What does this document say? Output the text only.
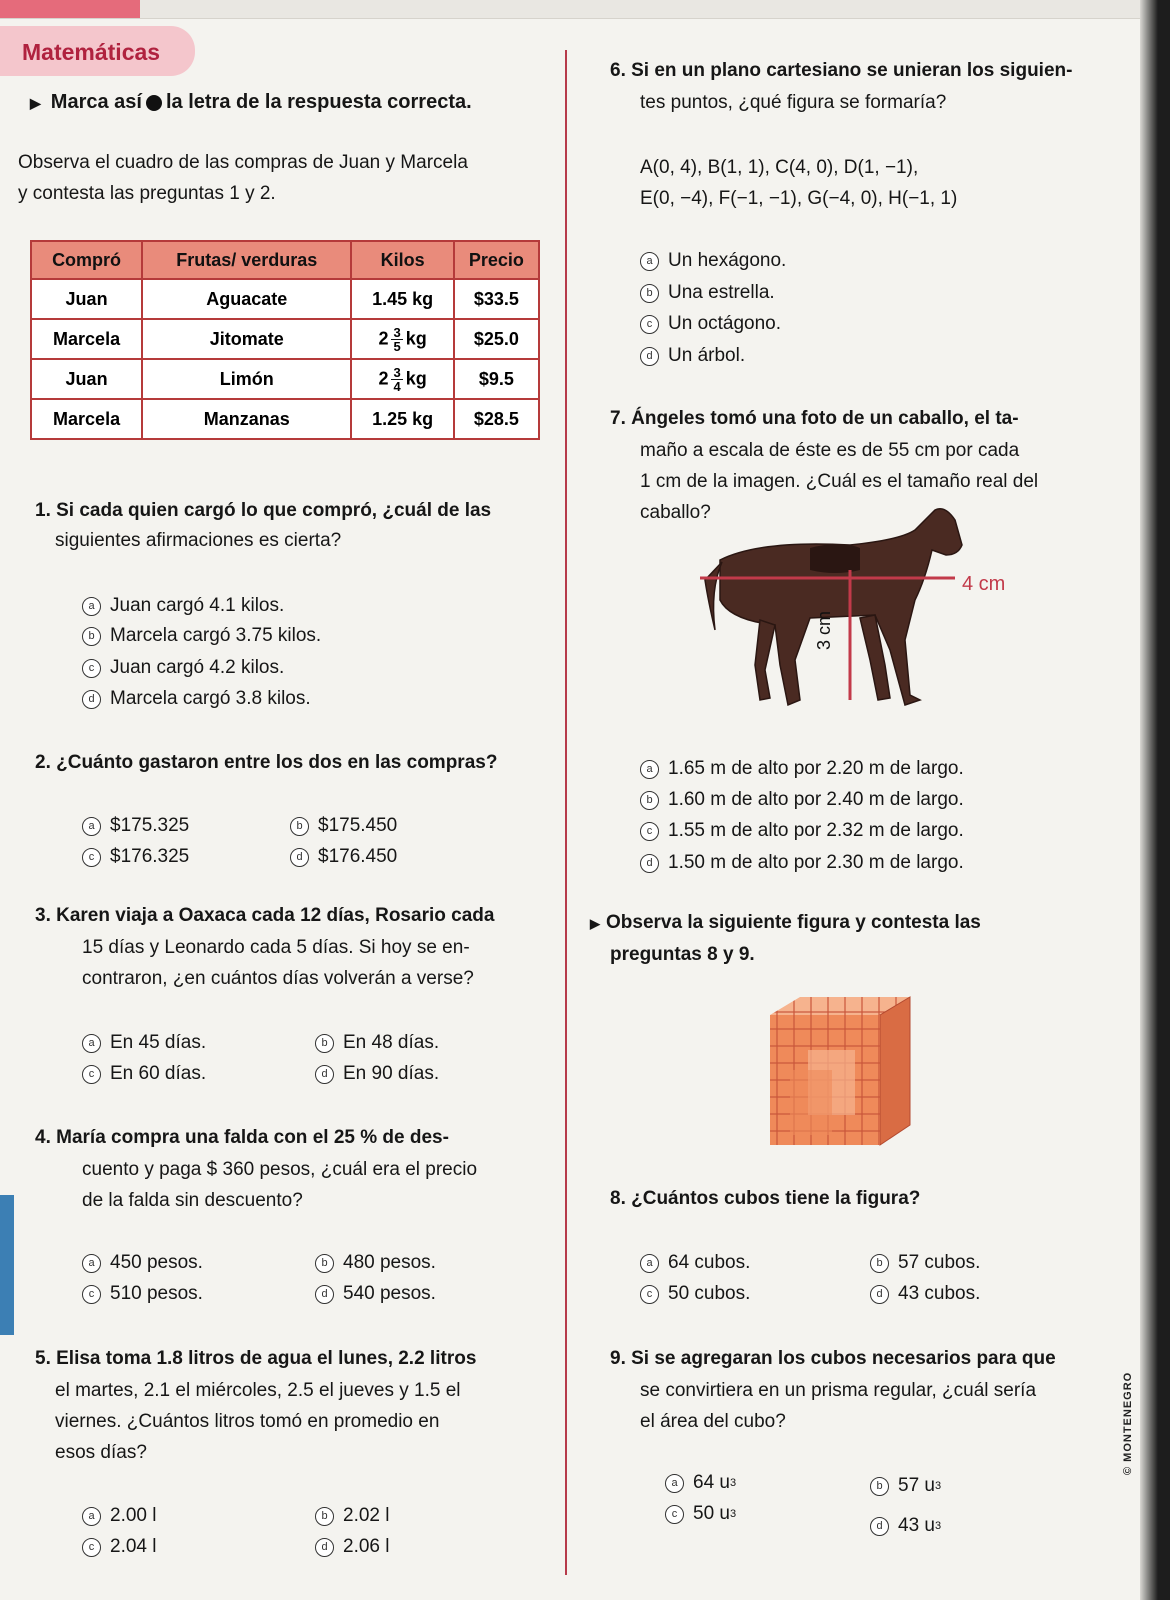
Matemáticas
▶ Marca así la letra de la respuesta correcta.
Observa el cuadro de las compras de Juan y Marcela
y contesta las preguntas 1 y 2.
Compró	Frutas/ verduras	Kilos	Precio
Juan	Aguacate	1.45 kg	$33.5
Marcela	Jitomate	$2 \frac{3}{5}$ kg	$25.0
Juan	Limón	$2 \frac{3}{4}$ kg	$9.5
Marcela	Manzanas	1.25 kg	$28.5
1. Si cada quien cargó lo que compró, ¿cuál de las
siguientes afirmaciones es cierta?
a Juan cargó 4.1 kilos.
b Marcela cargó 3.75 kilos.
c Juan cargó 4.2 kilos.
d Marcela cargó 3.8 kilos.
2. ¿Cuánto gastaron entre los dos en las compras?
a $175.325	b $175.450
c $176.325	d $176.450
3. Karen viaja a Oaxaca cada 12 días, Rosario cada
15 días y Leonardo cada 5 días. Si hoy se en-
contraron, ¿en cuántos días volverán a verse?
a En 45 días.	b En 48 días.
c En 60 días.	d En 90 días.
4. María compra una falda con el 25 % de des-
cuento y paga $ 360 pesos, ¿cuál era el precio
de la falda sin descuento?
a 450 pesos.	b 480 pesos.
c 510 pesos.	d 540 pesos.
5. Elisa toma 1.8 litros de agua el lunes, 2.2 litros
el martes, 2.1 el miércoles, 2.5 el jueves y 1.5 el
viernes. ¿Cuántos litros tomó en promedio en
esos días?
a 2.00 l	b 2.02 l
c 2.04 l	d 2.06 l
6. Si en un plano cartesiano se unieran los siguien-
tes puntos, ¿qué figura se formaría?
A(0, 4), B(1, 1), C(4, 0), D(1, −1),
E(0, −4), F(−1, −1), G(−4, 0), H(−1, 1)
a Un hexágono.
b Una estrella.
c Un octágono.
d Un árbol.
7. Ángeles tomó una foto de un caballo, el ta-
maño a escala de éste es de 55 cm por cada
1 cm de la imagen. ¿Cuál es el tamaño real del
caballo?
4 cm
3 cm
a 1.65 m de alto por 2.20 m de largo.
b 1.60 m de alto por 2.40 m de largo.
c 1.55 m de alto por 2.32 m de largo.
d 1.50 m de alto por 2.30 m de largo.
▶ Observa la siguiente figura y contesta las
preguntas 8 y 9.
8. ¿Cuántos cubos tiene la figura?
a 64 cubos.	b 57 cubos.
c 50 cubos.	d 43 cubos.
9. Si se agregaran los cubos necesarios para que
se convirtiera en un prisma regular, ¿cuál sería
el área del cubo?
a 64 u 3	b 57 u 3
c 50 u 3
d 43 u 3
© MONTENEGRO
